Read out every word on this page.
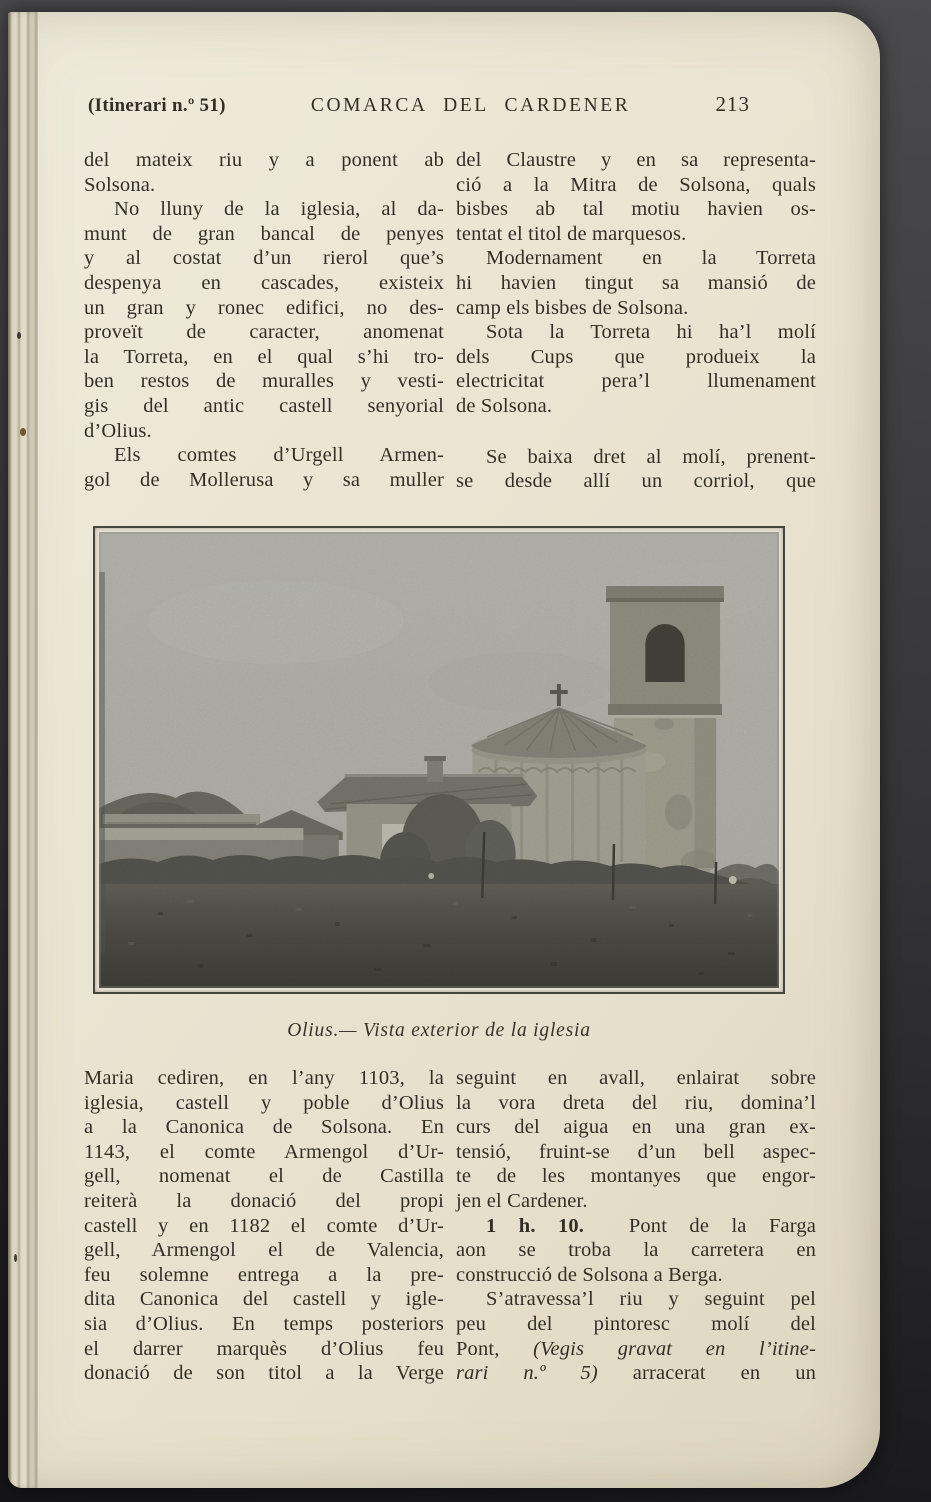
(Itinerari n.º 51)	COMARCA DEL CARDENER	213
del mateix riu y a ponent ab
Solsona.
No lluny de la iglesia, al da-
munt de gran bancal de penyes
y al costat d’un rierol que’s
despenya en cascades, existeix
un gran y ronec edifici, no des-
proveït de caracter, anomenat
la Torreta, en el qual s’hi tro-
ben restos de muralles y vesti-
gis del antic castell senyorial
d’Olius.
Els comtes d’Urgell Armen-
gol de Mollerusa y sa muller
del Claustre y en sa representa-
ció a la Mitra de Solsona, quals
bisbes ab tal motiu havien os-
tentat el titol de marquesos.
Modernament en la Torreta
hi havien tingut sa mansió de
camp els bisbes de Solsona.
Sota la Torreta hi ha’l molí
dels Cups que produeix la
electricitat pera’l llumenament
de Solsona.
Se baixa dret al molí, prenent-
se desde allí un corriol, que
Olius.— Vista exterior de la iglesia
Maria cediren, en l’any 1103, la
iglesia, castell y poble d’Olius
a la Canonica de Solsona. En
1143, el comte Armengol d’Ur-
gell, nomenat el de Castilla
reiterà la donació del propi
castell y en 1182 el comte d’Ur-
gell, Armengol el de Valencia,
feu solemne entrega a la pre-
dita Canonica del castell y igle-
sia d’Olius. En temps posteriors
el darrer marquès d’Olius feu
donació de son titol a la Verge
seguint en avall, enlairat sobre
la vora dreta del riu, domina’l
curs del aigua en una gran ex-
tensió, fruint-se d’un bell aspec-
te de les montanyes que engor-
jen el Cardener.
1 h. 10.  Pont de la Farga
aon se troba la carretera en
construcció de Solsona a Berga.
S’atravessa’l riu y seguint pel
peu del pintoresc molí del
Pont, (Vegis gravat en l’itine-
rari n.º 5) arracerat en un
